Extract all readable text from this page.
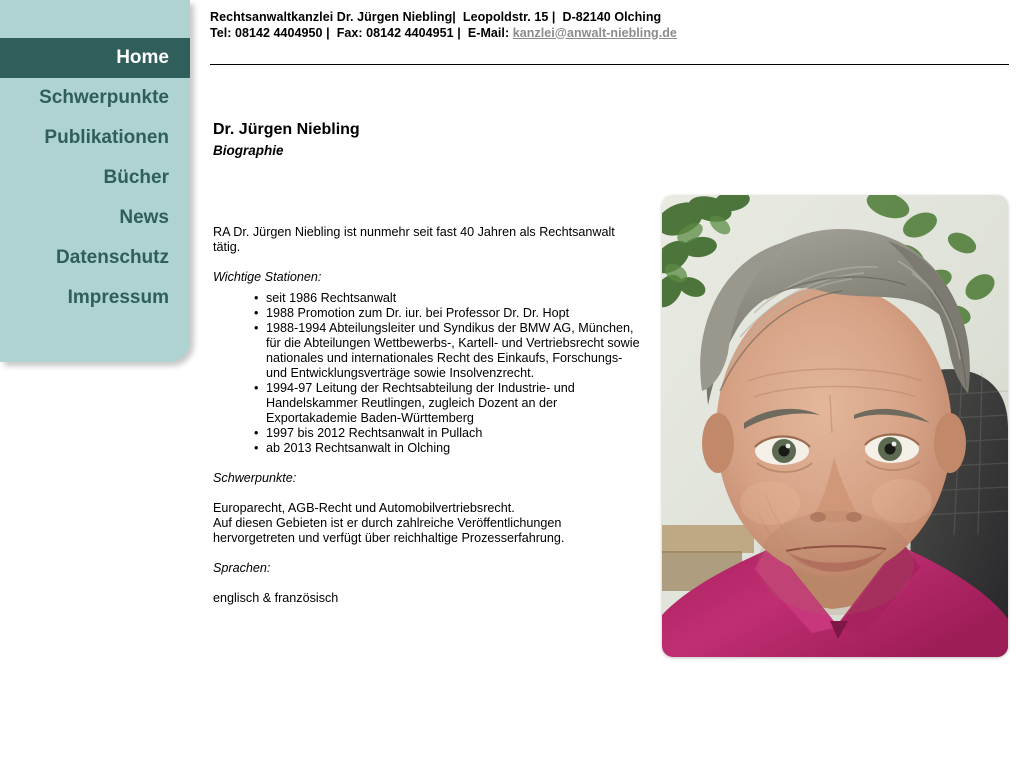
Home
Schwerpunkte
Publikationen
Bücher
News
Datenschutz
Impressum
Rechtsanwaltkanzlei Dr. Jürgen Niebling| Leopoldstr. 15 | D-82140 Olching
Tel: 08142 4404950 | Fax: 08142 4404951 | E-Mail: kanzlei@anwalt-niebling.de
Dr. Jürgen Niebling
Biographie

RA Dr. Jürgen Niebling ist nunmehr seit fast 40 Jahren als Rechtsanwalt tätig.

Wichtige Stationen:

• seit 1986 Rechtsanwalt
• 1988 Promotion zum Dr. iur. bei Professor Dr. Dr. Hopt
• 1988-1994 Abteilungsleiter und Syndikus der BMW AG, München, für die Abteilungen Wettbewerbs-, Kartell- und Vertriebsrecht sowie nationales und internationales Recht des Einkaufs, Forschungs- und Entwicklungsverträge sowie Insolvenzrecht.
• 1994-97 Leitung der Rechtsabteilung der Industrie- und Handelskammer Reutlingen, zugleich Dozent an der Exportakademie Baden-Württemberg
• 1997 bis 2012 Rechtsanwalt in Pullach
• ab 2013 Rechtsanwalt in Olching

Schwerpunkte:

Europarecht, AGB-Recht und Automobilvertriebsrecht.

Auf diesen Gebieten ist er durch zahlreiche Veröffentlichungen

hervorgetreten und verfügt über reichhaltige Prozesserfahrung.

Sprachen:

englisch & französisch
